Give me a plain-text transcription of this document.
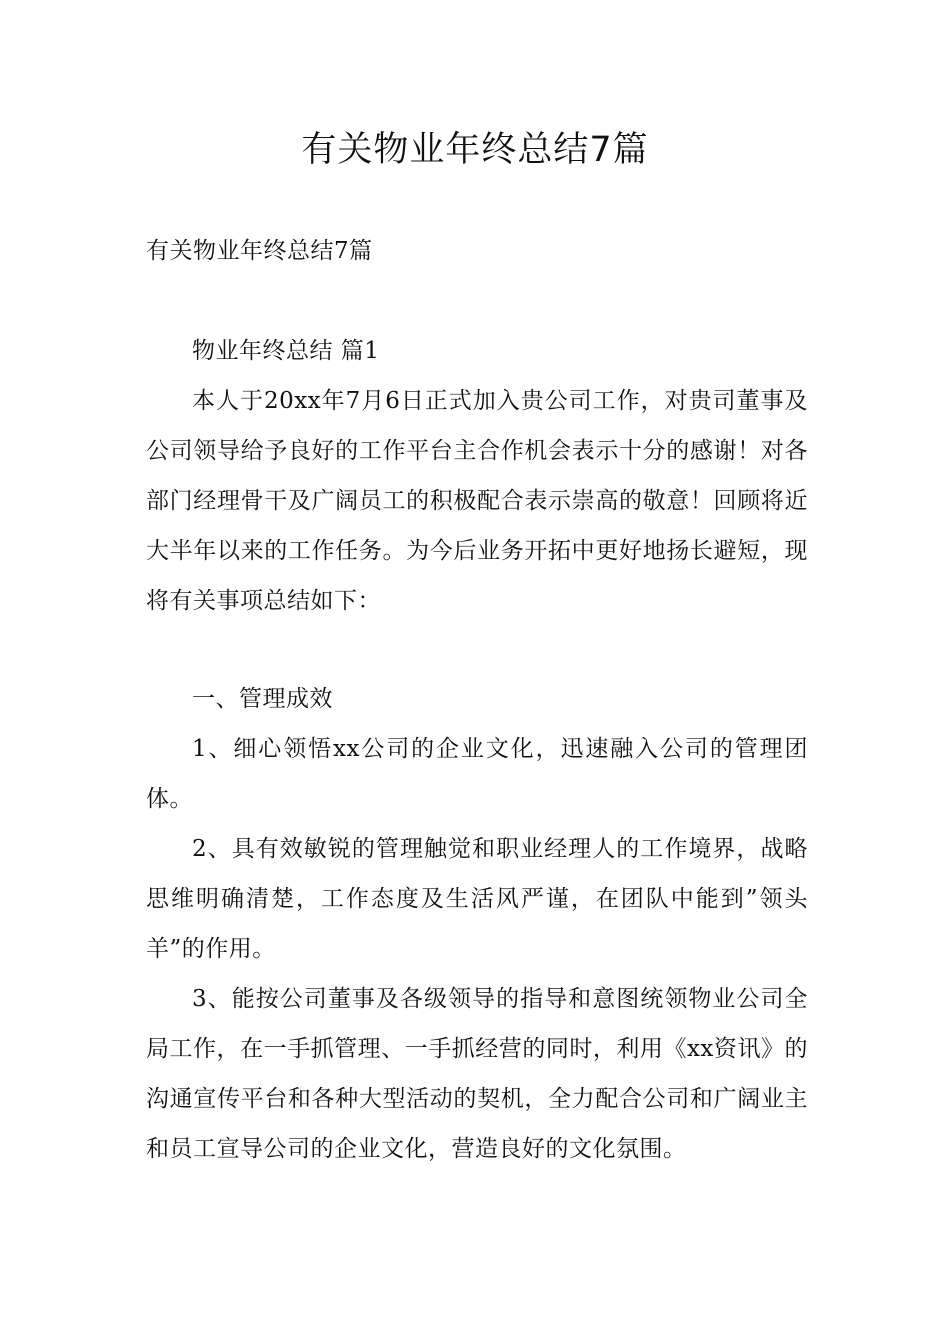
有关物业年终总结7篇

有关物业年终总结7篇

物业年终总结 篇1

本人于20xx年7月6日正式加入贵公司工作，对贵司董事及公司领导给予良好的工作平台主合作机会表示十分的感谢！对各部门经理骨干及广阔员工的积极配合表示崇高的敬意！回顾将近大半年以来的工作任务。为今后业务开拓中更好地扬长避短，现将有关事项总结如下：

一、管理成效

1、细心领悟xx公司的企业文化，迅速融入公司的管理团体。

2、具有效敏锐的管理触觉和职业经理人的工作境界，战略思维明确清楚，工作态度及生活风严谨，在团队中能到”领头羊”的作用。

3、能按公司董事及各级领导的指导和意图统领物业公司全局工作，在一手抓管理、一手抓经营的同时，利用《xx资讯》的沟通宣传平台和各种大型活动的契机，全力配合公司和广阔业主和员工宣导公司的企业文化，营造良好的文化氛围。
